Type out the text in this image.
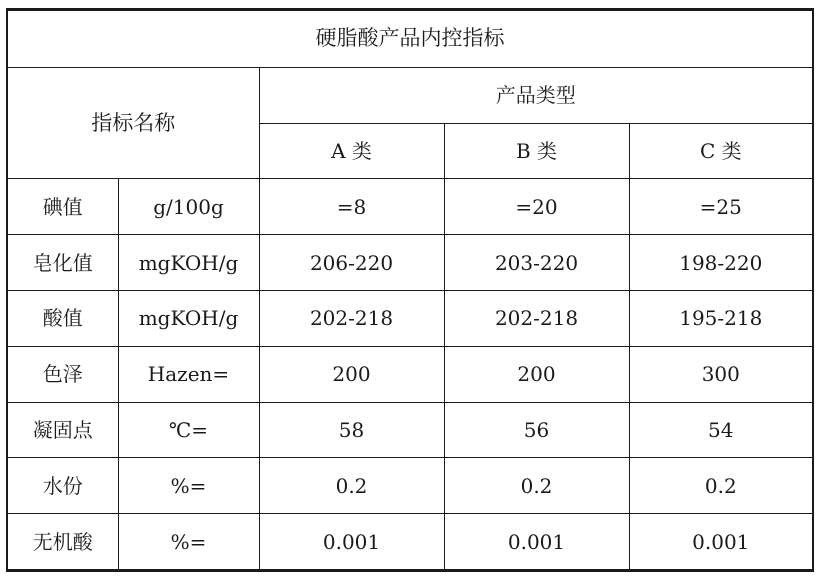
硬脂酸产品内控指标				
指标名称		产品类型		
		A 类	B 类	C 类
碘值	g/100g	=8	=20	=25
皂化值	mgKOH/g	206-220	203-220	198-220
酸值	mgKOH/g	202-218	202-218	195-218
色泽	Hazen=	200	200	300
凝固点	℃=	58	56	54
水份	%=	0.2	0.2	0.2
无机酸	%=	0.001	0.001	0.001
